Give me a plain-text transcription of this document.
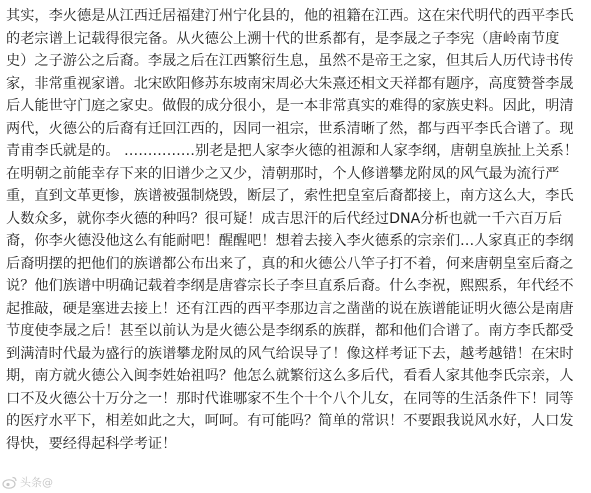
其实，李火德是从江西迁居福建汀州宁化县的，他的祖籍在江西。这在宋代明代的西平李氏
的老宗谱上记载得很完备。从火德公上溯十代的世系都有，是李晟之子李宪（唐岭南节度
史）之子游公之后裔。李晟之后在江西繁衍生息，虽然不是帝王之家，但其后人历代诗书传
家，非常重视家谱。北宋欧阳修苏东坡南宋周必大朱熹还相文天祥都有题序，高度赞誉李晟
后人能世守门庭之家史。做假的成分很小，是一本非常真实的难得的家族史料。因此，明清
两代，火德公的后裔有迁回江西的，因同一祖宗，世系清晰了然，都与西平李氏合谱了。现
青甫李氏就是的。 ……………别老是把人家李火德的祖源和人家李纲，唐朝皇族扯上关系！
在明朝之前能幸存下来的旧谱少之又少，清朝那时，个人修谱攀龙附凤的风气最为流行严
重，直到文革更惨，族谱被强制烧毁，断层了，索性把皇室后裔都接上，南方这么大，李氏
人数众多，就你李火德的种吗？很可疑！成吉思汗的后代经过DNA分析也就一千六百万后
裔，你李火德没他这么有能耐吧！醒醒吧！想着去接入李火德系的宗亲们…人家真正的李纲
后裔明摆的把他们的族谱都公布出来了，真的和火德公八竿子打不着，何来唐朝皇室后裔之
说？他们族谱中明确记载着李纲是唐睿宗长子李旦直系后裔。什么李祝，熙熙系，年代经不
起推敲，硬是塞进去接上！还有江西的西平李那边言之凿凿的说在族谱能证明火德公是南唐
节度使李晟之后！甚至以前认为是火德公是李纲系的族群，都和他们合谱了。南方李氏都受
到满清时代最为盛行的族谱攀龙附凤的风气给误导了！像这样考证下去，越考越错！在宋时
期，南方就火德公入闽李姓始祖吗？他怎么就繁衍这么多后代，看看人家其他李氏宗亲，人
口不及火德公十万分之一！那时代谁哪家不生个十个八个儿女，在同等的生活条件下！同等
的医疗水平下，相差如此之大，呵呵。有可能吗？简单的常识！不要跟我说风水好，人口发
得快，要经得起科学考证！
头条@
